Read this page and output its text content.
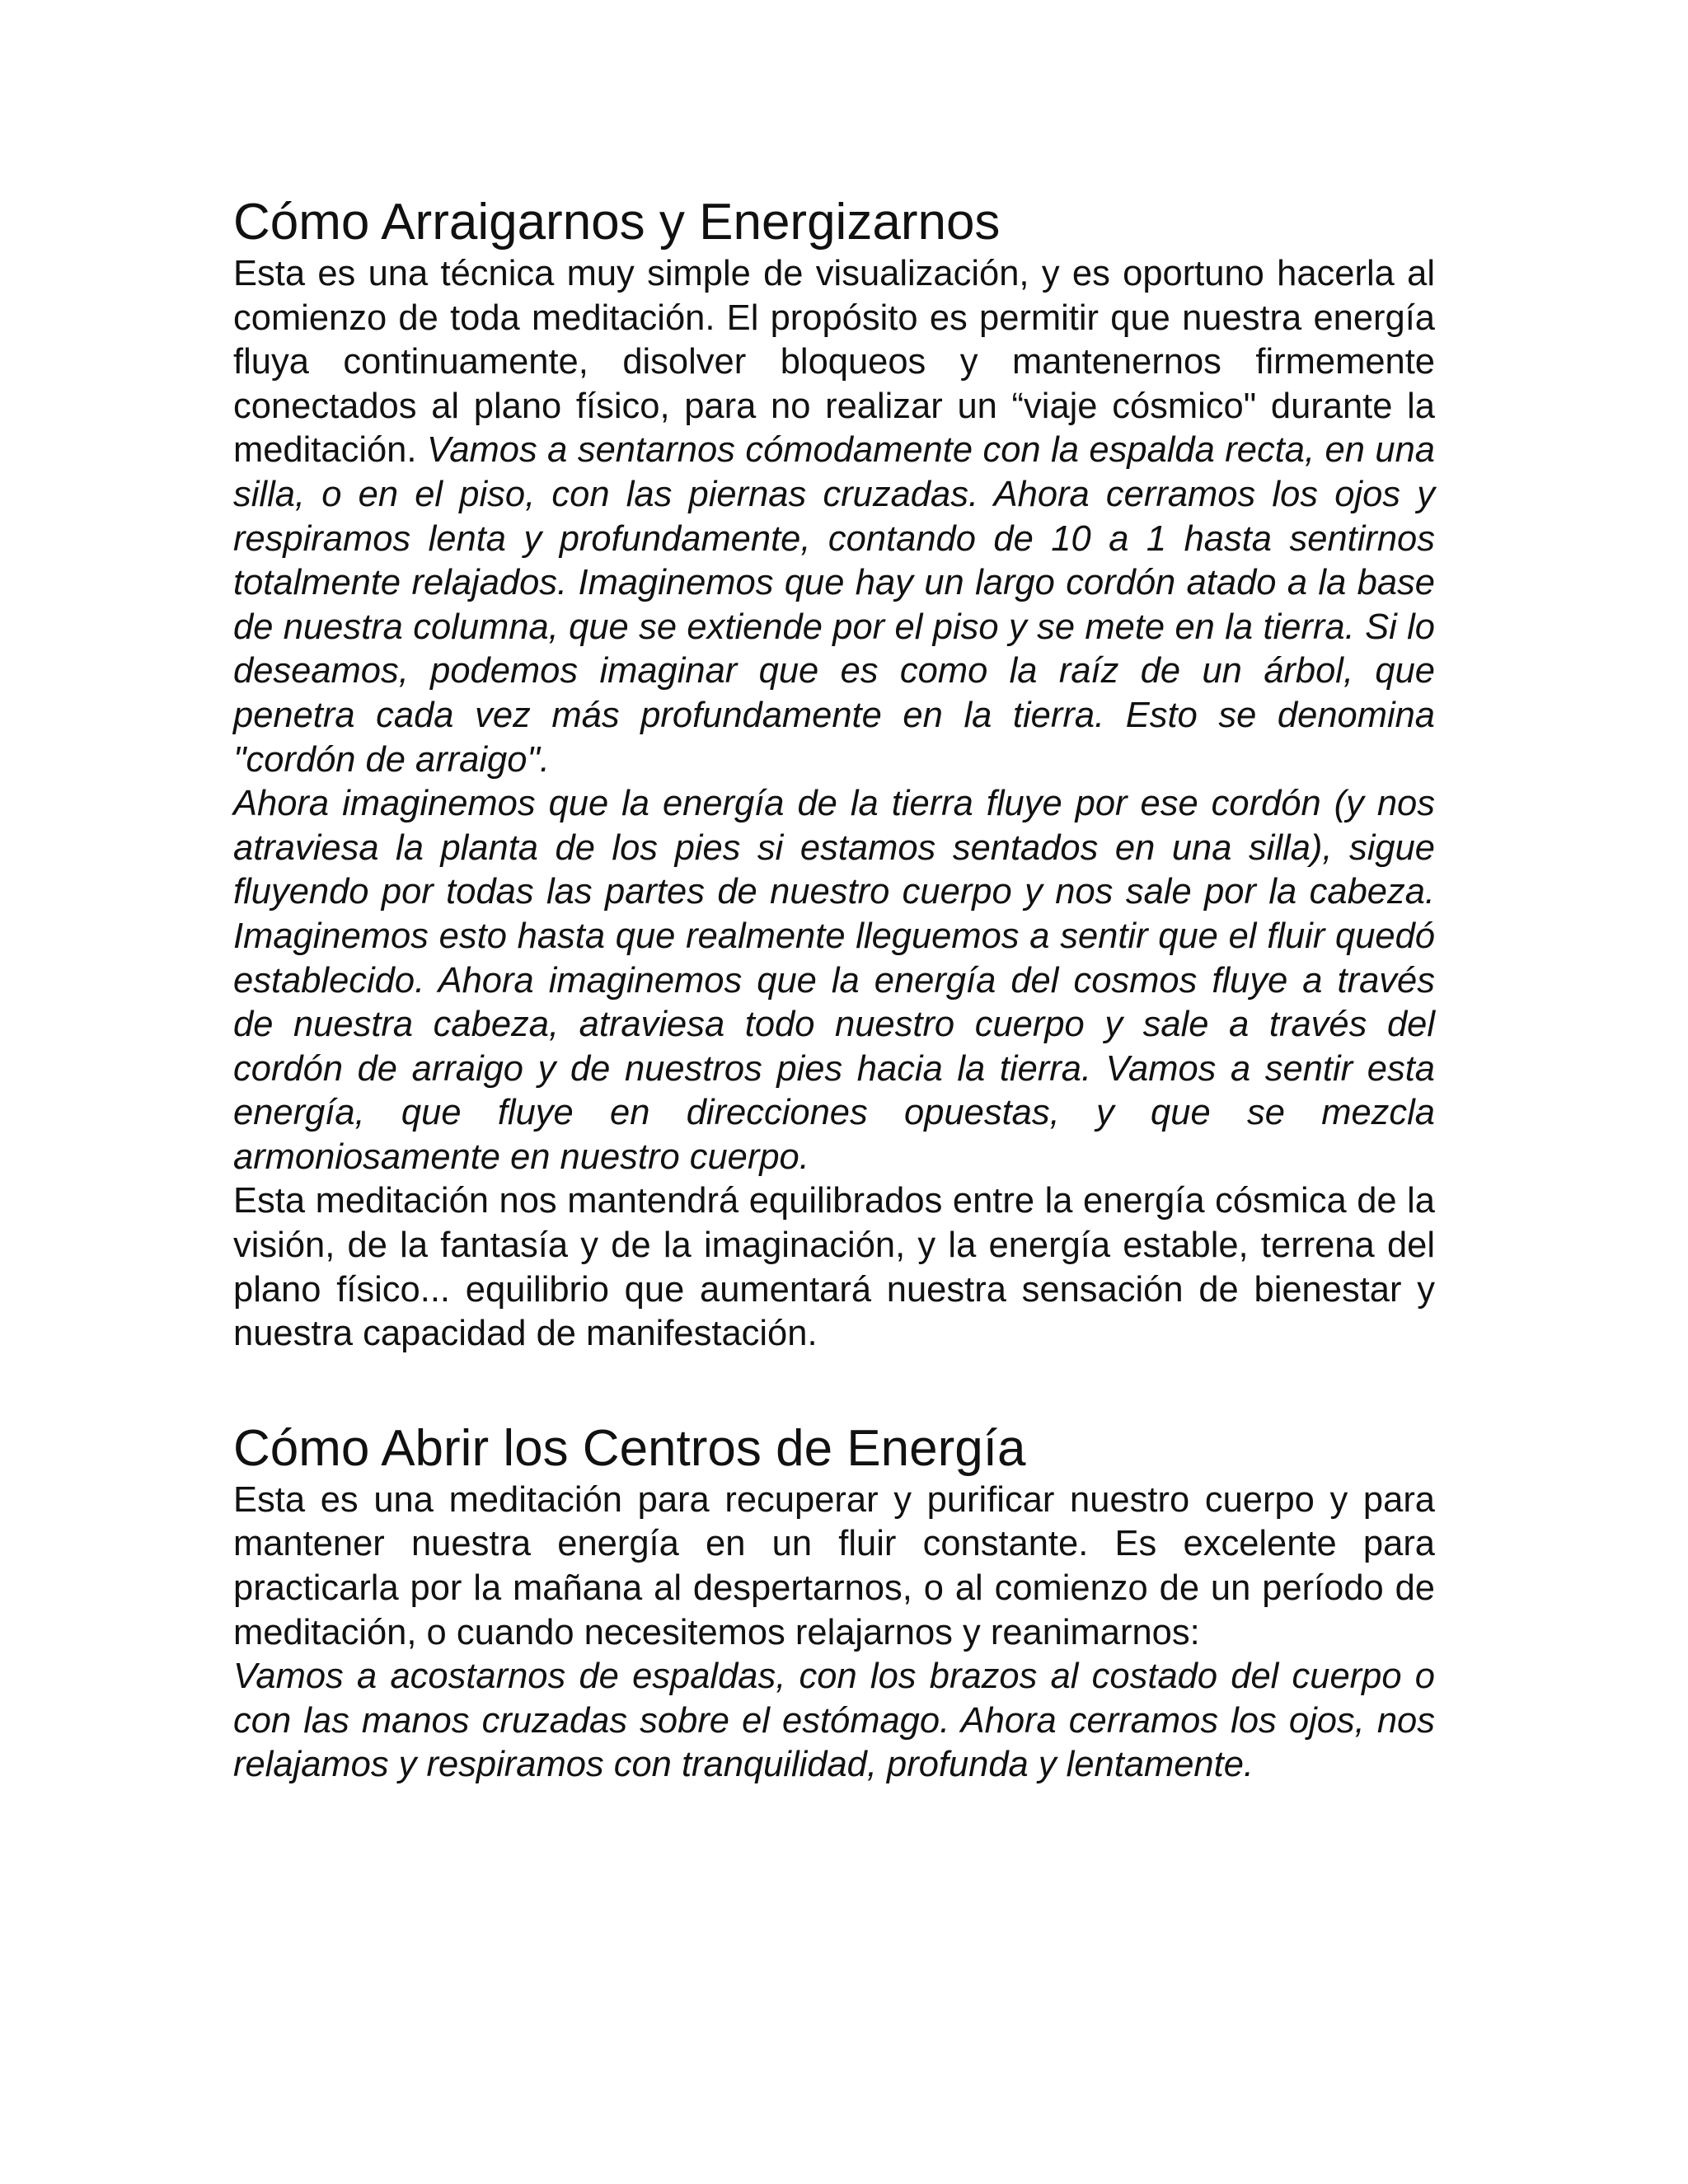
Cómo Arraigarnos y Energizarnos

Esta es una técnica muy simple de visualización, y es oportuno hacerla al comienzo de toda meditación. El propósito es permitir que nuestra energía fluya continuamente, disolver bloqueos y mantenernos firmemente conectados al plano físico, para no realizar un “viaje cósmico" durante la meditación. Vamos a sentarnos cómodamente con la espalda recta, en una silla, o en el piso, con las piernas cruzadas. Ahora cerramos los ojos y respiramos lenta y profundamente, contando de 10 a 1 hasta sentirnos totalmente relajados. Imaginemos que hay un largo cordón atado a la base de nuestra columna, que se extiende por el piso y se mete en la tierra. Si lo deseamos, podemos imaginar que es como la raíz de un árbol, que penetra cada vez más profundamente en la tierra. Esto se denomina "cordón de arraigo".

Ahora imaginemos que la energía de la tierra fluye por ese cordón (y nos atraviesa la planta de los pies si estamos sentados en una silla), sigue fluyendo por todas las partes de nuestro cuerpo y nos sale por la cabeza. Imaginemos esto hasta que realmente lleguemos a sentir que el fluir quedó establecido. Ahora imaginemos que la energía del cosmos fluye a través de nuestra cabeza, atraviesa todo nuestro cuerpo y sale a través del cordón de arraigo y de nuestros pies hacia la tierra. Vamos a sentir esta energía, que fluye en direcciones opuestas, y que se mezcla armoniosamente en nuestro cuerpo.

Esta meditación nos mantendrá equilibrados entre la energía cósmica de la visión, de la fantasía y de la imaginación, y la energía estable, terrena del plano físico... equilibrio que aumentará nuestra sensación de bienestar y nuestra capacidad de manifestación.

Cómo Abrir los Centros de Energía

Esta es una meditación para recuperar y purificar nuestro cuerpo y para mantener nuestra energía en un fluir constante. Es excelente para practicarla por la mañana al despertarnos, o al comienzo de un período de meditación, o cuando necesitemos relajarnos y reanimarnos:

Vamos a acostarnos de espaldas, con los brazos al costado del cuerpo o con las manos cruzadas sobre el estómago. Ahora cerramos los ojos, nos relajamos y respiramos con tranquilidad, profunda y lentamente.
